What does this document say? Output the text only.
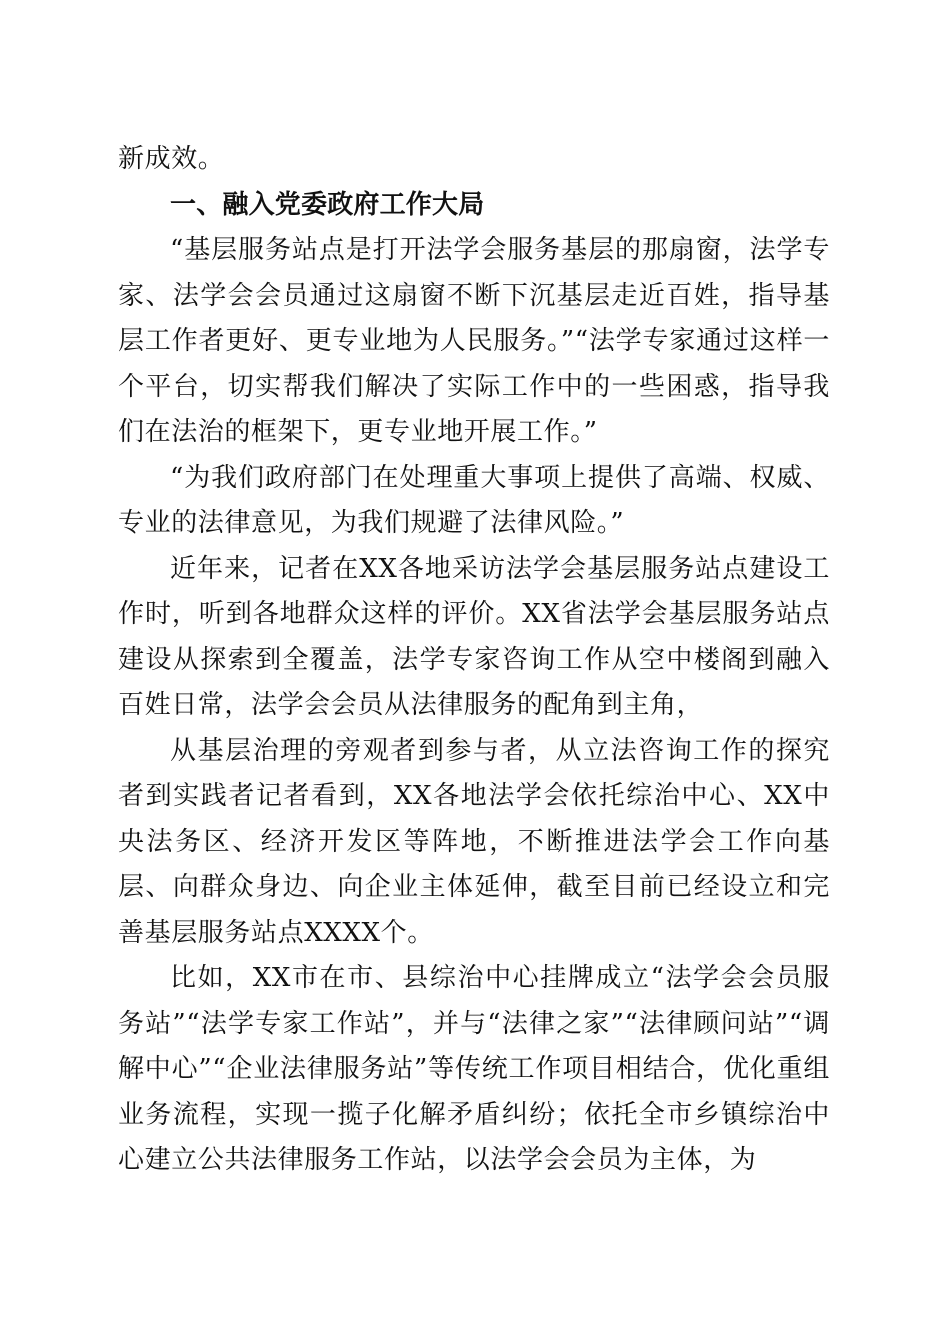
新成效。

一、融入党委政府工作大局

“基层服务站点是打开法学会服务基层的那扇窗，法学专家、法学会会员通过这扇窗不断下沉基层走近百姓，指导基层工作者更好、更专业地为人民服务。”“法学专家通过这样一个平台，切实帮我们解决了实际工作中的一些困惑，指导我们在法治的框架下，更专业地开展工作。”

“为我们政府部门在处理重大事项上提供了高端、权威、专业的法律意见，为我们规避了法律风险。”

近年来，记者在XX各地采访法学会基层服务站点建设工作时，听到各地群众这样的评价。XX省法学会基层服务站点建设从探索到全覆盖，法学专家咨询工作从空中楼阁到融入百姓日常，法学会会员从法律服务的配角到主角，

从基层治理的旁观者到参与者，从立法咨询工作的探究者到实践者记者看到，XX各地法学会依托综治中心、XX中央法务区、经济开发区等阵地，不断推进法学会工作向基层、向群众身边、向企业主体延伸，截至目前已经设立和完善基层服务站点XXXX个。

比如，XX市在市、县综治中心挂牌成立“法学会会员服务站”“法学专家工作站”，并与“法律之家”“法律顾问站”“调解中心”“企业法律服务站”等传统工作项目相结合，优化重组业务流程，实现一揽子化解矛盾纠纷；依托全市乡镇综治中心建立公共法律服务工作站，以法学会会员为主体，为
